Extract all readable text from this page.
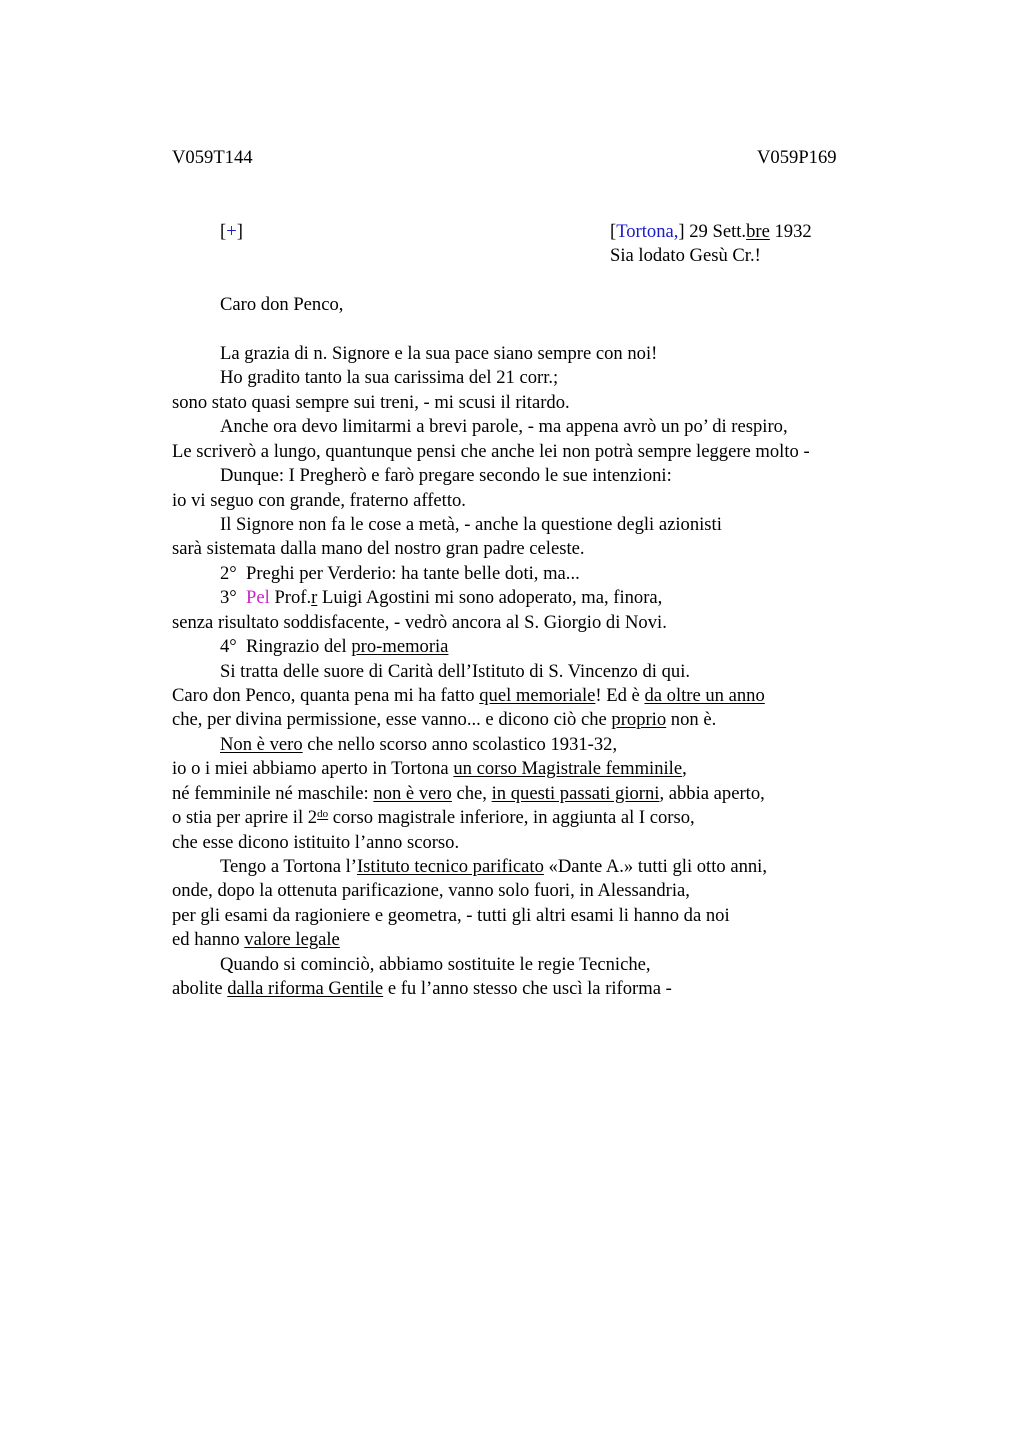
V059T144	V059P169
[+]	[Tortona,] 29 Sett.bre 1932
Sia lodato Gesù Cr.!
Caro don Penco,
La grazia di n. Signore e la sua pace siano sempre con noi!
Ho gradito tanto la sua carissima del 21 corr.;
sono stato quasi sempre sui treni, - mi scusi il ritardo.
Anche ora devo limitarmi a brevi parole, - ma appena avrò un po’ di respiro,
Le scriverò a lungo, quantunque pensi che anche lei non potrà sempre leggere molto -
Dunque: I Pregherò e farò pregare secondo le sue intenzioni:
io vi seguo con grande, fraterno affetto.
Il Signore non fa le cose a metà, - anche la questione degli azionisti
sarà sistemata dalla mano del nostro gran padre celeste.
2°  Preghi per Verderio: ha tante belle doti, ma...
3°  Pel Prof.r Luigi Agostini mi sono adoperato, ma, finora,
senza risultato soddisfacente, - vedrò ancora al S. Giorgio di Novi.
4°  Ringrazio del pro-memoria
Si tratta delle suore di Carità dell’Istituto di S. Vincenzo di qui.
Caro don Penco, quanta pena mi ha fatto quel memoriale! Ed è da oltre un anno
che, per divina permissione, esse vanno... e dicono ciò che proprio non è.
Non è vero che nello scorso anno scolastico 1931-32,
io o i miei abbiamo aperto in Tortona un corso Magistrale femminile,
né femminile né maschile: non è vero che, in questi passati giorni, abbia aperto,
o stia per aprire il $2^{do}$ corso magistrale inferiore, in aggiunta al I corso,
che esse dicono istituito l’anno scorso.
Tengo a Tortona l’Istituto tecnico parificato «Dante A.» tutti gli otto anni,
onde, dopo la ottenuta parificazione, vanno solo fuori, in Alessandria,
per gli esami da ragioniere e geometra, - tutti gli altri esami li hanno da noi
ed hanno valore legale
Quando si cominciò, abbiamo sostituite le regie Tecniche,
abolite dalla riforma Gentile e fu l’anno stesso che uscì la riforma -
